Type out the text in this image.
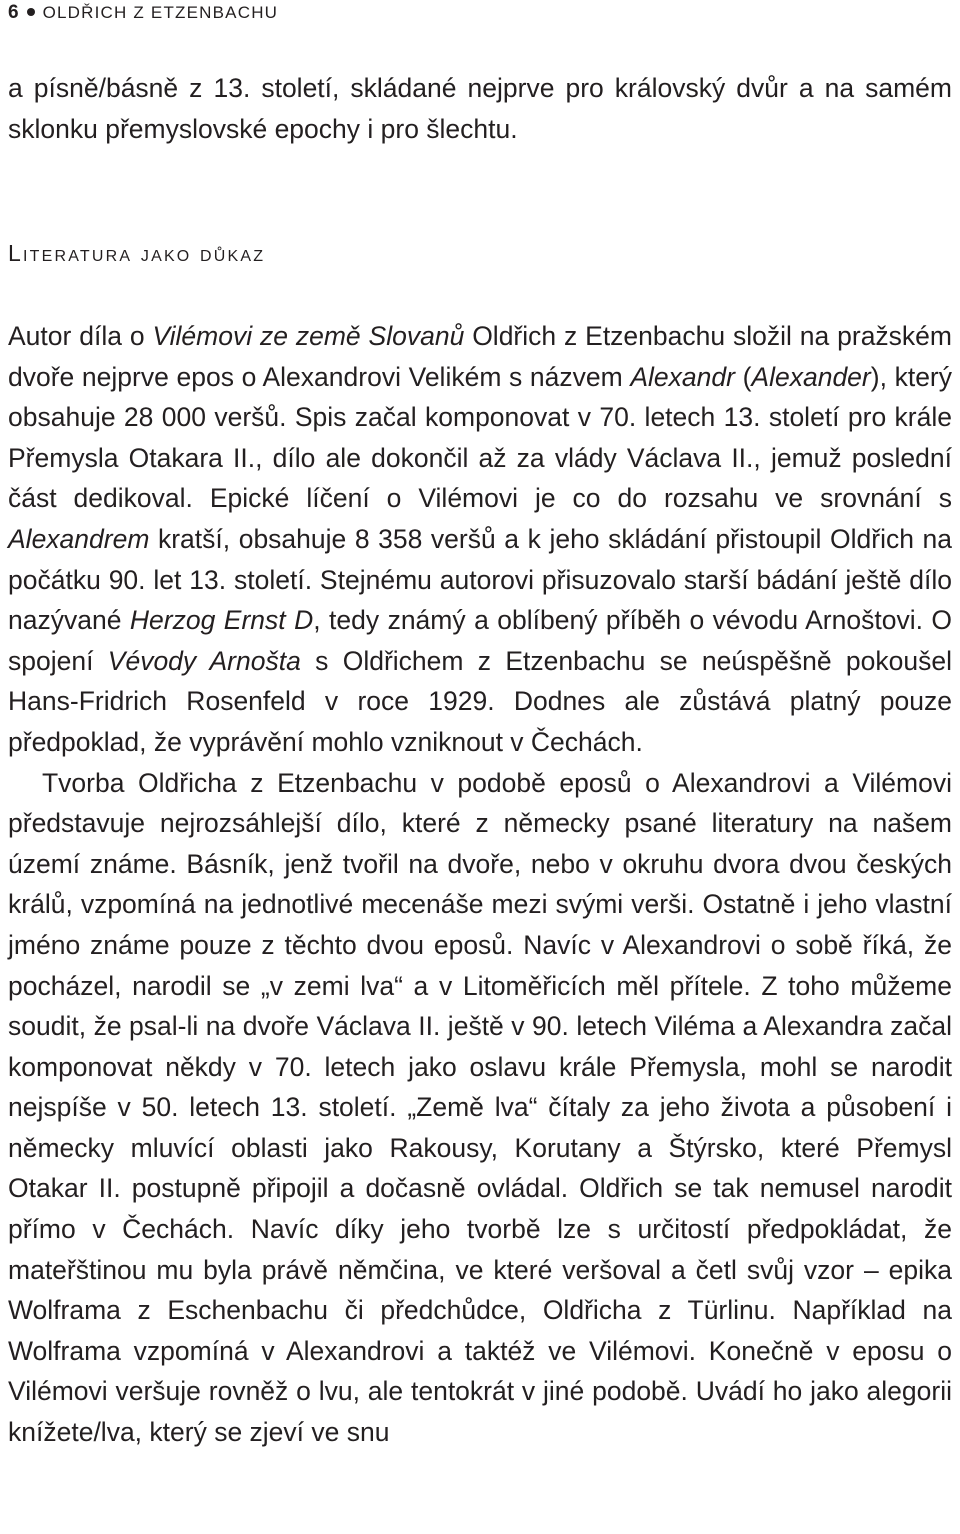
6 OLDŘICH Z ETZENBACHU

a písně/básně z 13. století, skládané nejprve pro královský dvůr a na samém sklonku přemyslovské epochy i pro šlechtu.

Literatura jako důkaz

Autor díla o Vilémovi ze země Slovanů Oldřich z Etzenbachu složil na pražském dvoře nejprve epos o Alexandrovi Velikém s názvem Alexandr (Alexander), který obsahuje 28 000 veršů. Spis začal komponovat v 70. letech 13. století pro krále Přemysla Otakara II., dílo ale dokončil až za vlády Václava II., jemuž poslední část dedikoval. Epické líčení o Vilémovi je co do rozsahu ve srovnání s Alexandrem kratší, obsahuje 8 358 veršů a k jeho skládání přistoupil Oldřich na počátku 90. let 13. století. Stejnému autorovi přisuzovalo starší bádání ještě dílo nazývané Herzog Ernst D, tedy známý a oblíbený příběh o vévodu Arnoštovi. O spojení Vévody Arnošta s Oldřichem z Etzenbachu se neúspěšně pokoušel Hans-Fridrich Rosenfeld v roce 1929. Dodnes ale zůstává platný pouze předpoklad, že vyprávění mohlo vzniknout v Čechách.

Tvorba Oldřicha z Etzenbachu v podobě eposů o Alexandrovi a Vilémovi představuje nejrozsáhlejší dílo, které z německy psané literatury na našem území známe. Básník, jenž tvořil na dvoře, nebo v okruhu dvora dvou českých králů, vzpomíná na jednotlivé mecenáše mezi svými verši. Ostatně i jeho vlastní jméno známe pouze z těchto dvou eposů. Navíc v Alexandrovi o sobě říká, že pocházel, narodil se „v zemi lva“ a v Litoměřicích měl přítele. Z toho můžeme soudit, že psal-li na dvoře Václava II. ještě v 90. letech Viléma a Alexandra začal komponovat někdy v 70. letech jako oslavu krále Přemysla, mohl se narodit nejspíše v 50. letech 13. století. „Země lva“ čítaly za jeho života a působení i německy mluvící oblasti jako Rakousy, Korutany a Štýrsko, které Přemysl Otakar II. postupně připojil a dočasně ovládal. Oldřich se tak nemusel narodit přímo v Čechách. Navíc díky jeho tvorbě lze s určitostí předpokládat, že mateřštinou mu byla právě němčina, ve které veršoval a četl svůj vzor – epika Wolframa z Eschenbachu či předchůdce, Oldřicha z Türlinu. Například na Wolframa vzpomíná v Alexandrovi a taktéž ve Vilémovi. Konečně v eposu o Vilémovi veršuje rovněž o lvu, ale tentokrát v jiné podobě. Uvádí ho jako alegorii knížete/lva, který se zjeví ve snu
